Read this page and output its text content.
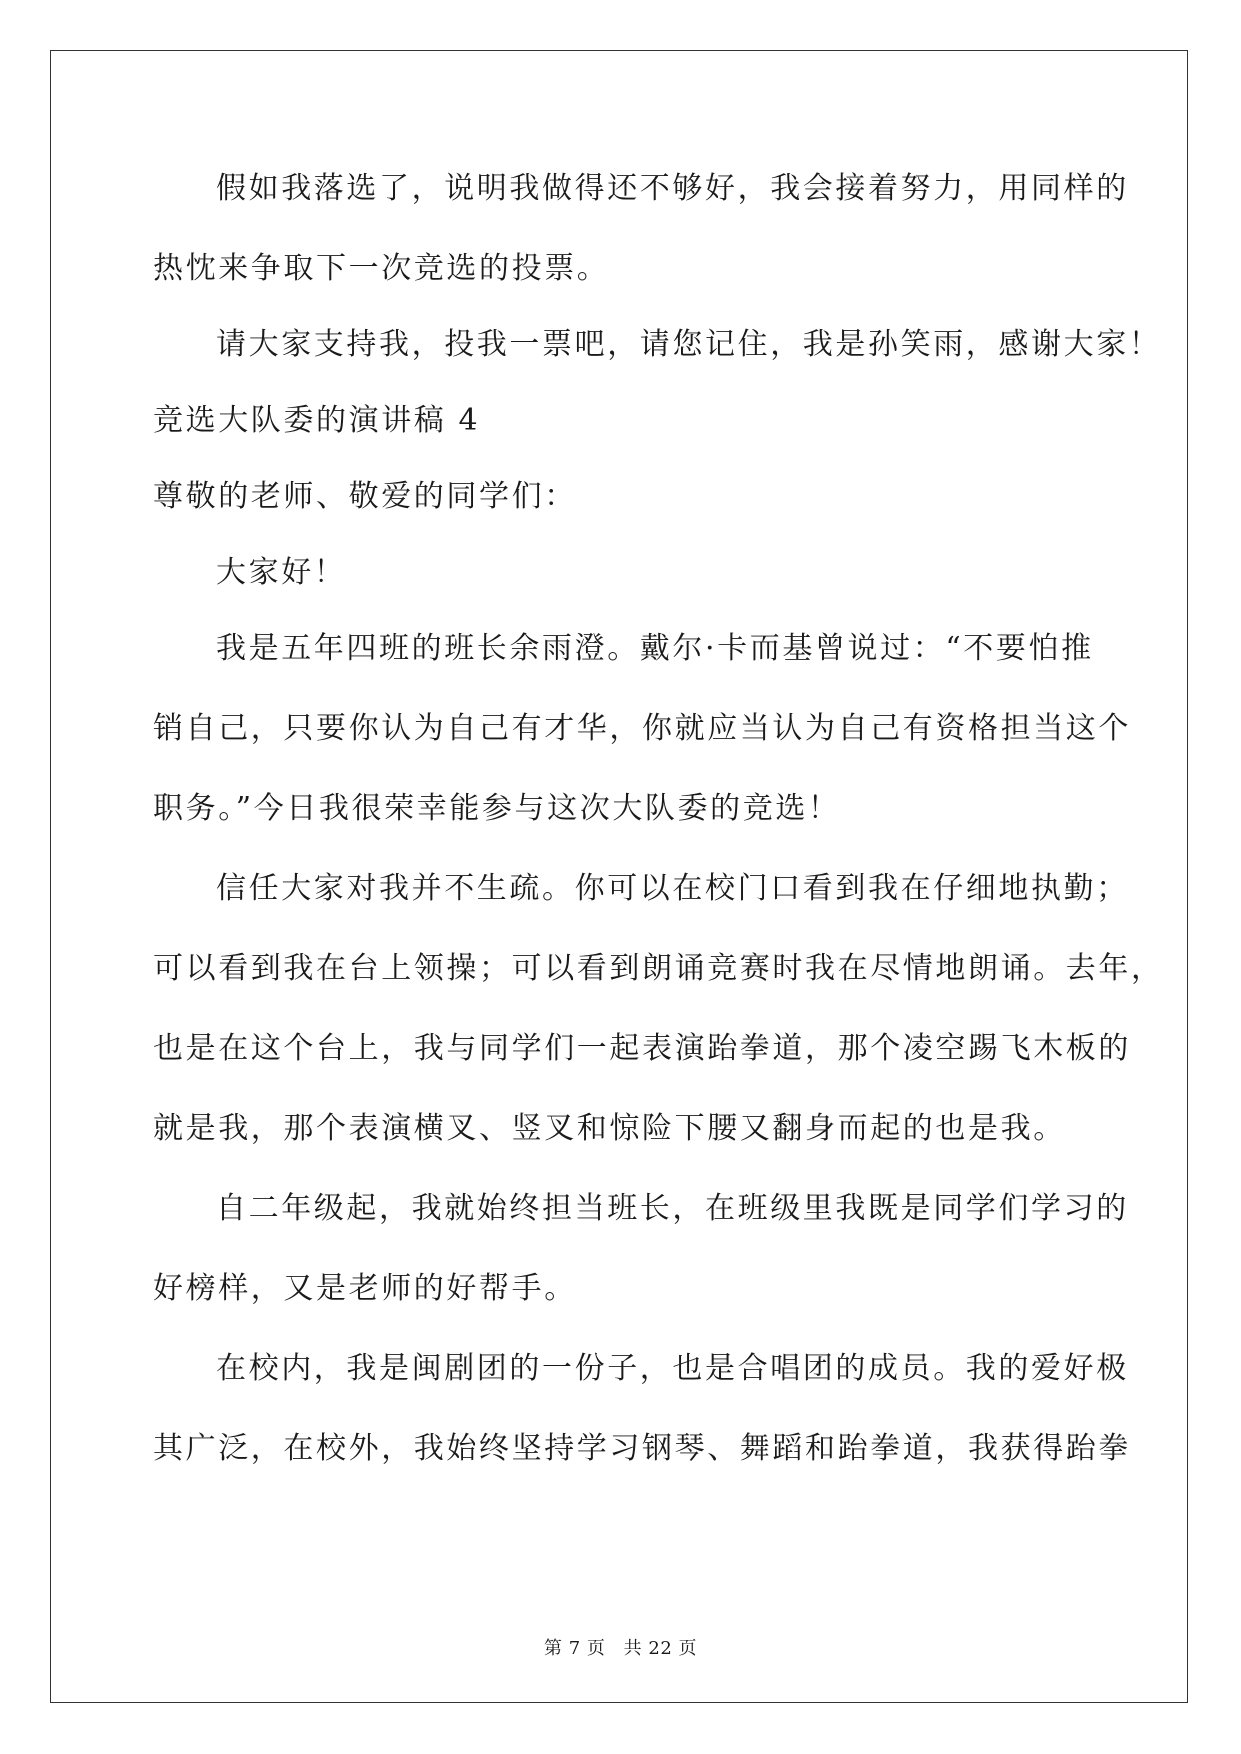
假如我落选了，说明我做得还不够好，我会接着努力，用同样的
热忱来争取下一次竞选的投票。
请大家支持我，投我一票吧，请您记住，我是孙笑雨，感谢大家！
竞选大队委的演讲稿 4
尊敬的老师、敬爱的同学们：
大家好！
我是五年四班的班长余雨澄。戴尔·卡而基曾说过：“不要怕推
销自己，只要你认为自己有才华，你就应当认为自己有资格担当这个
职务。”今日我很荣幸能参与这次大队委的竞选！
信任大家对我并不生疏。你可以在校门口看到我在仔细地执勤；
可以看到我在台上领操；可以看到朗诵竞赛时我在尽情地朗诵。去年，
也是在这个台上，我与同学们一起表演跆拳道，那个凌空踢飞木板的
就是我，那个表演横叉、竖叉和惊险下腰又翻身而起的也是我。
自二年级起，我就始终担当班长，在班级里我既是同学们学习的
好榜样，又是老师的好帮手。
在校内，我是闽剧团的一份子，也是合唱团的成员。我的爱好极
其广泛，在校外，我始终坚持学习钢琴、舞蹈和跆拳道，我获得跆拳
第 7 页 共 22 页
